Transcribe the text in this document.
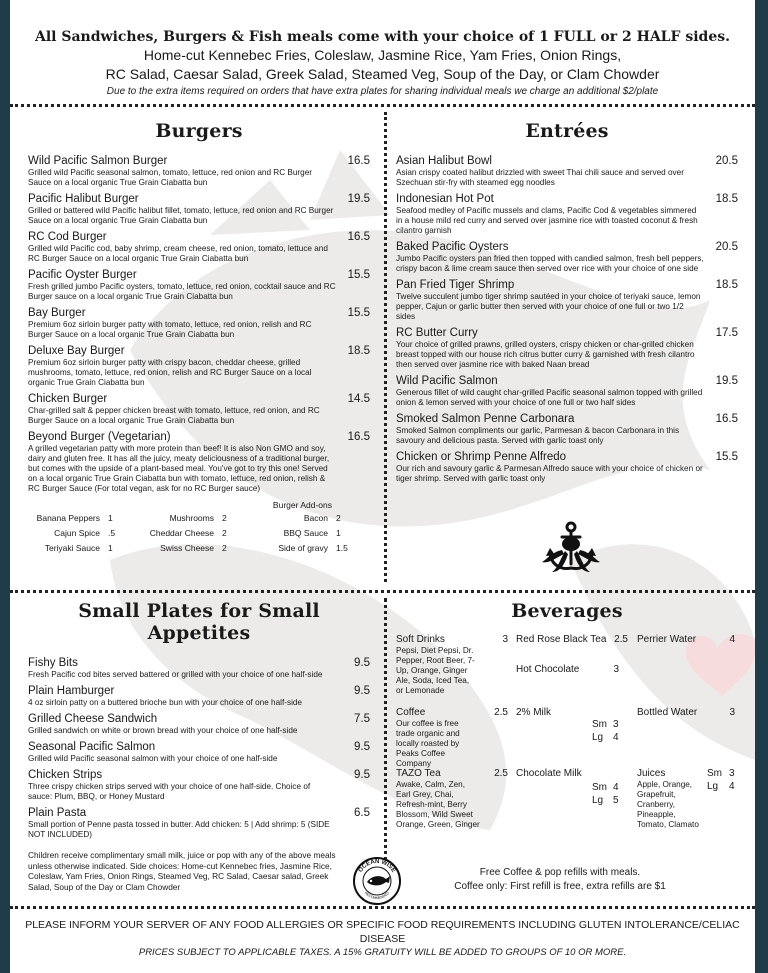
All Sandwiches, Burgers & Fish meals come with your choice of 1 FULL or 2 HALF sides.
Home-cut Kennebec Fries, Coleslaw, Jasmine Rice, Yam Fries, Onion Rings,
RC Salad, Caesar Salad, Greek Salad, Steamed Veg, Soup of the Day, or Clam Chowder
Due to the extra items required on orders that have extra plates for sharing individual meals we charge an additional $2/plate
Burgers
Wild Pacific Salmon Burger	16.5
Grilled wild Pacific seasonal salmon, tomato, lettuce, red onion and RC Burger Sauce on a local organic True Grain Ciabatta bun
Pacific Halibut Burger	19.5
Grilled or battered wild Pacific halibut fillet, tomato, lettuce, red onion and RC Burger Sauce on a local organic True Grain Ciabatta bun
RC Cod Burger	16.5
Grilled wild Pacific cod, baby shrimp, cream cheese, red onion, tomato, lettuce and RC Burger Sauce on a local organic True Grain Ciabatta bun
Pacific Oyster Burger	15.5
Fresh grilled jumbo Pacific oysters, tomato, lettuce, red onion, cocktail sauce and RC Burger sauce on a local organic True Grain Ciabatta bun
Bay Burger	15.5
Premium 6oz sirloin burger patty with tomato, lettuce, red onion, relish and RC Burger Sauce on a local organic True Grain Ciabatta bun
Deluxe Bay Burger	18.5
Premium 6oz sirloin burger patty with crispy bacon, cheddar cheese, grilled mushrooms, tomato, lettuce, red onion, relish and RC Burger Sauce on a local organic True Grain Ciabatta bun
Chicken Burger	14.5
Char-grilled salt & pepper chicken breast with tomato, lettuce, red onion, and RC Burger Sauce on a local organic True Grain Ciabatta bun
Beyond Burger (Vegetarian)	16.5
A grilled vegetarian patty with more protein than beef! It is also Non GMO and soy, dairy and gluten free. It has all the juicy, meaty deliciousness of a traditional burger, but comes with the upside of a plant-based meal. You've got to try this one! Served on a local organic True Grain Ciabatta bun with tomato, lettuce, red onion, relish & RC Burger Sauce (For total vegan, ask for no RC Burger sauce)
Burger Add-ons
Banana Peppers 1	Mushrooms 2	Bacon 2
Cajun Spice .5	Cheddar Cheese 2	BBQ Sauce 1
Teriyaki Sauce 1	Swiss Cheese 2	Side of gravy 1.5
Entrées
Asian Halibut Bowl	20.5
Asian crispy coated halibut drizzled with sweet Thai chili sauce and served over Szechuan stir-fry with steamed egg noodles
Indonesian Hot Pot	18.5
Seafood medley of Pacific mussels and clams, Pacific Cod & vegetables simmered in a house mild red curry and served over jasmine rice with toasted coconut & fresh cilantro garnish
Baked Pacific Oysters	20.5
Jumbo Pacific oysters pan fried then topped with candied salmon, fresh bell peppers, crispy bacon & lime cream sauce then served over rice with your choice of one side
Pan Fried Tiger Shrimp	18.5
Twelve succulent jumbo tiger shrimp sautéed in your choice of teriyaki sauce, lemon pepper, Cajun or garlic butter then served with your choice of one full or two 1/2 sides
RC Butter Curry	17.5
Your choice of grilled prawns, grilled oysters, crispy chicken or char-grilled chicken breast topped with our house rich citrus butter curry & garnished with fresh cilantro then served over jasmine rice with baked Naan bread
Wild Pacific Salmon	19.5
Generous fillet of wild caught char-grilled Pacific seasonal salmon topped with grilled onion & lemon served with your choice of one full or two half sides
Smoked Salmon Penne Carbonara	16.5
Smoked Salmon compliments our garlic, Parmesan & bacon Carbonara in this savoury and delicious pasta. Served with garlic toast only
Chicken or Shrimp Penne Alfredo	15.5
Our rich and savoury garlic & Parmesan Alfredo sauce with your choice of chicken or tiger shrimp. Served with garlic toast only
Small Plates for Small Appetites
Fishy Bits	9.5
Fresh Pacific cod bites served battered or grilled with your choice of one half-side
Plain Hamburger	9.5
4 oz sirloin patty on a buttered brioche bun with your choice of one half-side
Grilled Cheese Sandwich	7.5
Grilled sandwich on white or brown bread with your choice of one half-side
Seasonal Pacific Salmon	9.5
Grilled wild Pacific seasonal salmon with your choice of one half-side
Chicken Strips	9.5
Three crispy chicken strips served with your choice of one half-side. Choice of sauce: Plum, BBQ, or Honey Mustard
Plain Pasta	6.5
Small portion of Penne pasta tossed in butter. Add chicken: 5 | Add shrimp: 5 (SIDE NOT INCLUDED)
Children receive complimentary small milk, juice or pop with any of the above meals unless otherwise indicated. Side choices: Home-cut Kennebec fries, Jasmine Rice, Coleslaw, Yam Fries, Onion Rings, Steamed Veg, RC Salad, Caesar salad, Greek Salad, Soup of the Day or Clam Chowder
Beverages
Soft Drinks	3
Pepsi, Diet Pepsi, Dr. Pepper, Root Beer, 7-Up, Orange, Ginger Ale, Soda, Iced Tea, or Lemonade
Coffee	2.5
Our coffee is free trade organic and locally roasted by Peaks Coffee Company
TAZO Tea	2.5
Awake, Calm, Zen, Earl Grey, Chai, Refresh-mint, Berry Blossom, Wild Sweet Orange, Green, Ginger
Red Rose Black Tea 2.5
Hot Chocolate	3
2% Milk
Sm 3
Lg 4
Chocolate Milk
Sm 4
Lg 5
Perrier Water	4
Bottled Water	3
Juices	Sm 3
Lg 4
Apple, Orange, Grapefruit, Cranberry, Pineapple, Tomato, Clamato
Free Coffee & pop refills with meals.
Coffee only: First refill is free, extra refills are $1
OCEAN WISE
RECOMMENDED
PLEASE INFORM YOUR SERVER OF ANY FOOD ALLERGIES OR SPECIFIC FOOD REQUIREMENTS INCLUDING GLUTEN INTOLERANCE/CELIAC DISEASE
PRICES SUBJECT TO APPLICABLE TAXES. A 15% GRATUITY WILL BE ADDED TO GROUPS OF 10 OR MORE.
